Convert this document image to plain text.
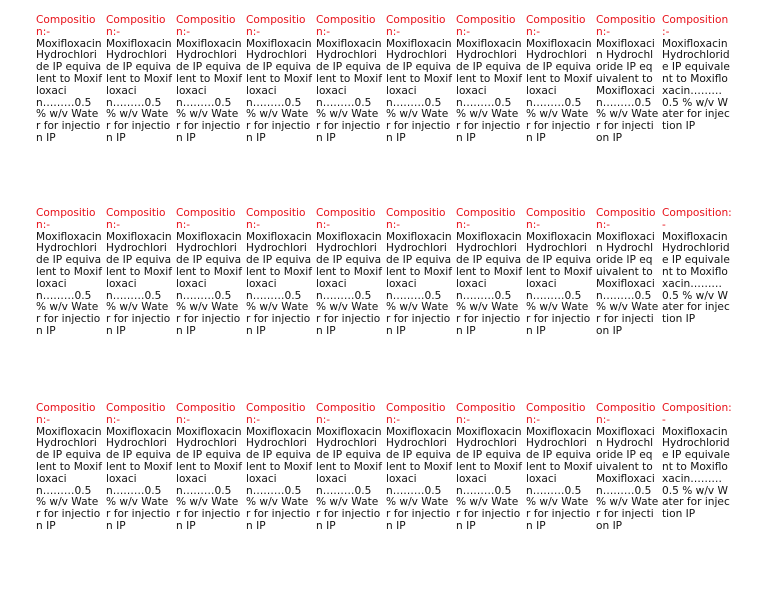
Composition:-
Moxifloxacin Hydrochloride IP equivalent to Moxifloxacin………0.5 % w/v Water for injection IP
Composition:-
Moxifloxacin Hydrochloride IP equivalent to Moxifloxacin………0.5 % w/v Water for injection IP
Composition:-
Moxifloxacin Hydrochloride IP equivalent to Moxifloxacin………0.5 % w/v Water for injection IP
Composition:-
Moxifloxacin Hydrochloride IP equivalent to Moxifloxacin………0.5 % w/v Water for injection IP
Composition:-
Moxifloxacin Hydrochloride IP equivalent to Moxifloxacin………0.5 % w/v Water for injection IP
Composition:-
Moxifloxacin Hydrochloride IP equivalent to Moxifloxacin………0.5 % w/v Water for injection IP
Composition:-
Moxifloxacin Hydrochloride IP equivalent to Moxifloxacin………0.5 % w/v Water for injection IP
Composition:-
Moxifloxacin Hydrochloride IP equivalent to Moxifloxacin………0.5 % w/v Water for injection IP
Composition:-
Moxifloxacin Hydrochloride IP equivalent to Moxifloxacin………0.5 % w/v Water for injection IP
Composition :-
Moxifloxacin Hydrochloride IP equivalent to Moxifloxacin………0.5 % w/v Water for injection IP
Composition:-
Moxifloxacin Hydrochloride IP equivalent to Moxifloxacin………0.5 % w/v Water for injection IP
Composition:-
Moxifloxacin Hydrochloride IP equivalent to Moxifloxacin………0.5 % w/v Water for injection IP
Composition:-
Moxifloxacin Hydrochloride IP equivalent to Moxifloxacin………0.5 % w/v Water for injection IP
Composition:-
Moxifloxacin Hydrochloride IP equivalent to Moxifloxacin………0.5 % w/v Water for injection IP
Composition:-
Moxifloxacin Hydrochloride IP equivalent to Moxifloxacin………0.5 % w/v Water for injection IP
Composition:-
Moxifloxacin Hydrochloride IP equivalent to Moxifloxacin………0.5 % w/v Water for injection IP
Composition:-
Moxifloxacin Hydrochloride IP equivalent to Moxifloxacin………0.5 % w/v Water for injection IP
Composition:-
Moxifloxacin Hydrochloride IP equivalent to Moxifloxacin………0.5 % w/v Water for injection IP
Composition:-
Moxifloxacin Hydrochloride IP equivalent to Moxifloxacin………0.5 % w/v Water for injection IP
Composition:-
Moxifloxacin Hydrochloride IP equivalent to Moxifloxacin………0.5 % w/v Water for injection IP
Composition:-
Moxifloxacin Hydrochloride IP equivalent to Moxifloxacin………0.5 % w/v Water for injection IP
Composition:-
Moxifloxacin Hydrochloride IP equivalent to Moxifloxacin………0.5 % w/v Water for injection IP
Composition:-
Moxifloxacin Hydrochloride IP equivalent to Moxifloxacin………0.5 % w/v Water for injection IP
Composition:-
Moxifloxacin Hydrochloride IP equivalent to Moxifloxacin………0.5 % w/v Water for injection IP
Composition:-
Moxifloxacin Hydrochloride IP equivalent to Moxifloxacin………0.5 % w/v Water for injection IP
Composition:-
Moxifloxacin Hydrochloride IP equivalent to Moxifloxacin………0.5 % w/v Water for injection IP
Composition:-
Moxifloxacin Hydrochloride IP equivalent to Moxifloxacin………0.5 % w/v Water for injection IP
Composition:-
Moxifloxacin Hydrochloride IP equivalent to Moxifloxacin………0.5 % w/v Water for injection IP
Composition:-
Moxifloxacin Hydrochloride IP equivalent to Moxifloxacin………0.5 % w/v Water for injection IP
Composition:-
Moxifloxacin Hydrochloride IP equivalent to Moxifloxacin………0.5 % w/v Water for injection IP
